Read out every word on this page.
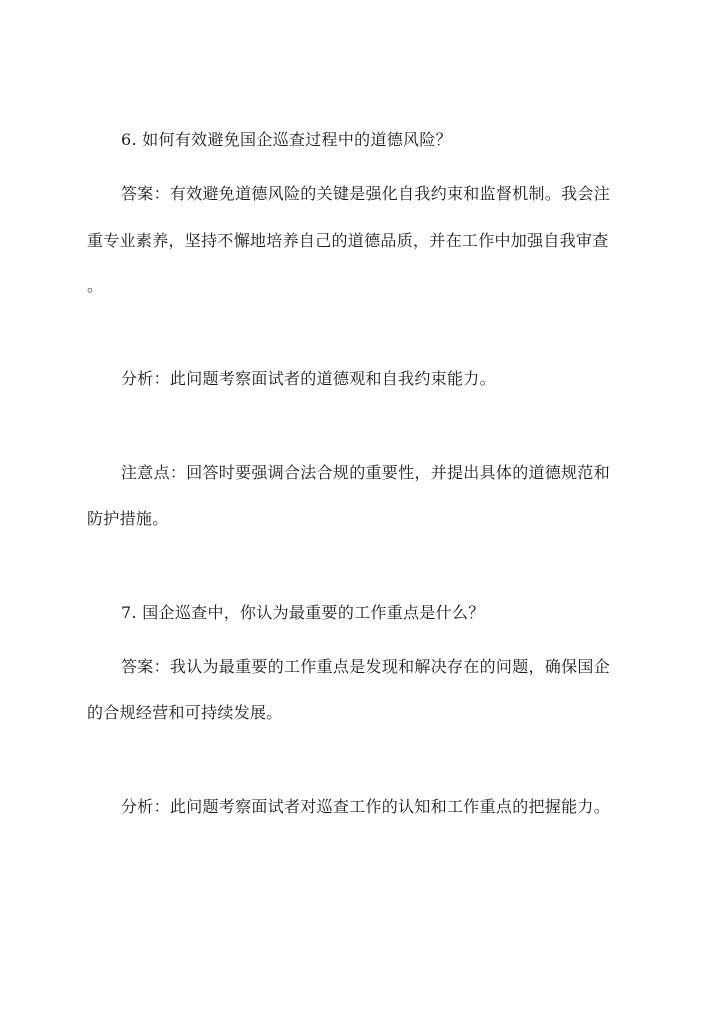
6. 如何有效避免国企巡查过程中的道德风险？
答案：有效避免道德风险的关键是强化自我约束和监督机制。我会注
重专业素养，坚持不懈地培养自己的道德品质，并在工作中加强自我审查
。
分析：此问题考察面试者的道德观和自我约束能力。
注意点：回答时要强调合法合规的重要性，并提出具体的道德规范和
防护措施。
7. 国企巡查中，你认为最重要的工作重点是什么？
答案：我认为最重要的工作重点是发现和解决存在的问题，确保国企
的合规经营和可持续发展。
分析：此问题考察面试者对巡查工作的认知和工作重点的把握能力。
